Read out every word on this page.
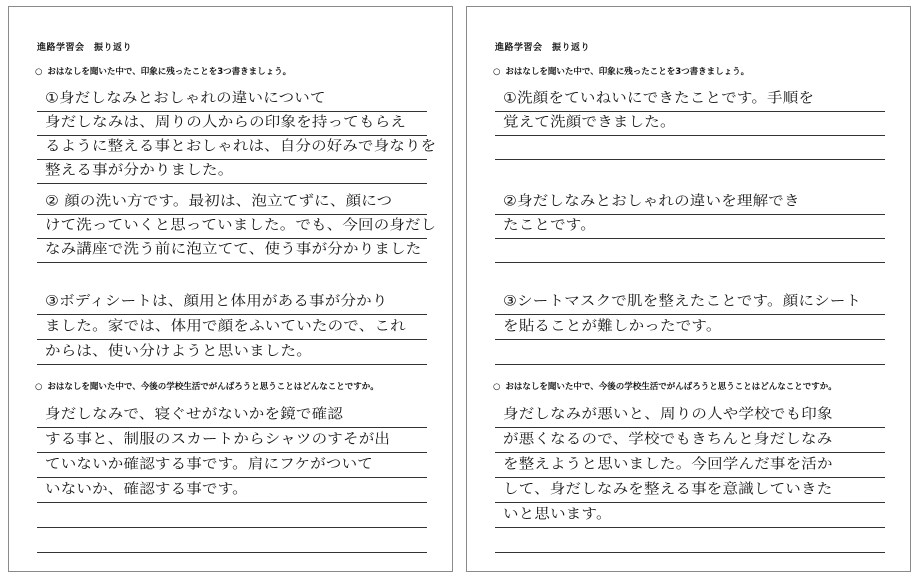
進路学習会　振り返り
○ おはなしを聞いた中で、印象に残ったことを3つ書きましょう。
①身だしなみとおしゃれの違いについて
身だしなみは、周りの人からの印象を持ってもらえ
るように整える事とおしゃれは、自分の好みで身なりを
整える事が分かりました。
② 顔の洗い方です。最初は、泡立てずに、顔につ
けて洗っていくと思っていました。でも、今回の身だし
なみ講座で洗う前に泡立てて、使う事が分かりました
③ボディシートは、顔用と体用がある事が分かり
ました。家では、体用で顔をふいていたので、これ
からは、使い分けようと思いました。
○ おはなしを聞いた中で、今後の学校生活でがんばろうと思うことはどんなことですか。
身だしなみで、寝ぐせがないかを鏡で確認
する事と、制服のスカートからシャツのすそが出
ていないか確認する事です。肩にフケがついて
いないか、確認する事です。
進路学習会　振り返り
○ おはなしを聞いた中で、印象に残ったことを3つ書きましょう。
①洗顔をていねいにできたことです。手順を
覚えて洗顔できました。
②身だしなみとおしゃれの違いを理解でき
たことです。
③シートマスクで肌を整えたことです。顔にシート
を貼ることが難しかったです。
○ おはなしを聞いた中で、今後の学校生活でがんばろうと思うことはどんなことですか。
身だしなみが悪いと、周りの人や学校でも印象
が悪くなるので、学校でもきちんと身だしなみ
を整えようと思いました。今回学んだ事を活か
して、身だしなみを整える事を意識していきた
いと思います。
